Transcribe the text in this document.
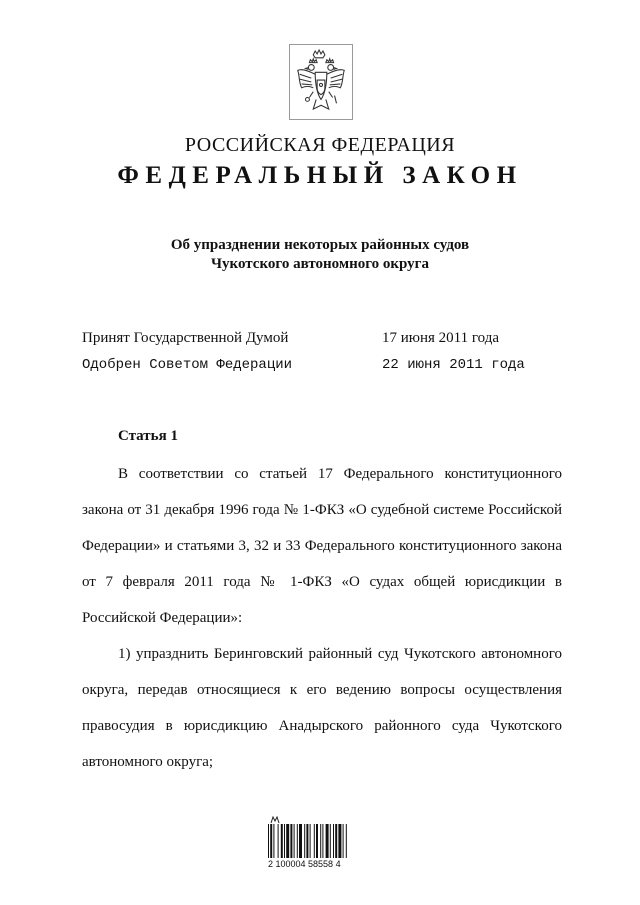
РОССИЙСКАЯ ФЕДЕРАЦИЯ
ФЕДЕРАЛЬНЫЙ ЗАКОН
Об упразднении некоторых районных судов
Чукотского автономного округа
Принят Государственной Думой	17 июня 2011 года
Одобрен Советом Федерации	22 июня 2011 года
Статья 1

В соответствии со статьей 17 Федерального конституционного закона от 31 декабря 1996 года № 1-ФКЗ «О судебной системе Российской Федерации» и статьями 3, 32 и 33 Федерального конституционного закона от 7 февраля 2011 года № 1-ФКЗ «О судах общей юрисдикции в Российской Федерации»:

1) упразднить Беринговский районный суд Чукотского автономного округа, передав относящиеся к его ведению вопросы осуществления правосудия в юрисдикцию Анадырского районного суда Чукотского автономного округа;

2 100004 58558 4
